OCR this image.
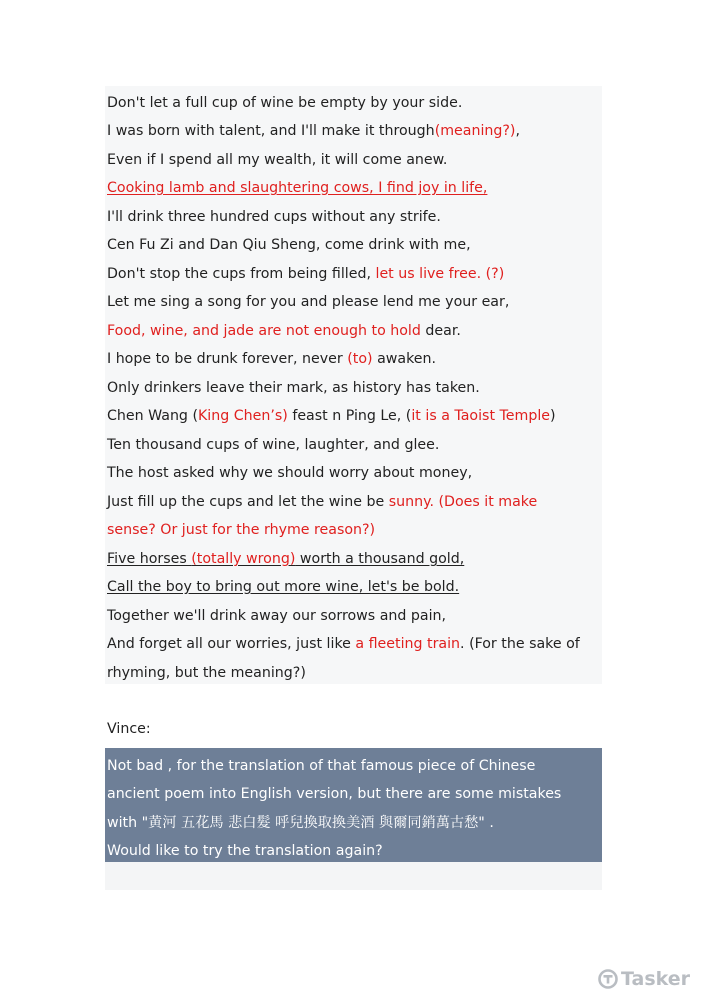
Don't let a full cup of wine be empty by your side.
I was born with talent, and I'll make it through(meaning?),
Even if I spend all my wealth, it will come anew.
Cooking lamb and slaughtering cows, I find joy in life,
I'll drink three hundred cups without any strife.
Cen Fu Zi and Dan Qiu Sheng, come drink with me,
Don't stop the cups from being filled, let us live free. (?)
Let me sing a song for you and please lend me your ear,
Food, wine, and jade are not enough to hold dear.
I hope to be drunk forever, never (to) awaken.
Only drinkers leave their mark, as history has taken.
Chen Wang (King Chen’s) feast n Ping Le, (it is a Taoist Temple)
Ten thousand cups of wine, laughter, and glee.
The host asked why we should worry about money,
Just fill up the cups and let the wine be sunny. (Does it make
sense? Or just for the rhyme reason?)
Five horses (totally wrong) worth a thousand gold,
Call the boy to bring out more wine, let's be bold.
Together we'll drink away our sorrows and pain,
And forget all our worries, just like a fleeting train. (For the sake of
rhyming, but the meaning?)
Vince:
Not bad , for the translation of that famous piece of Chinese
ancient poem into English version, but there are some mistakes
with "黄河 五花馬 悲白髮 呼兒換取換美酒 與爾同銷萬古愁" .
Would like to try the translation again?
Tasker
